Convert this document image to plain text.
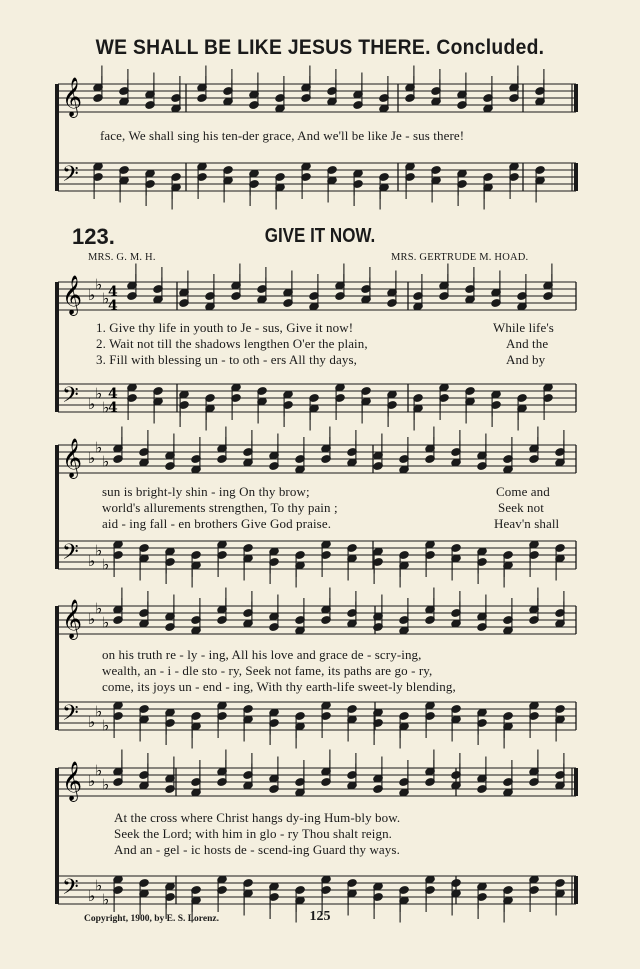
𝄞
𝄢
𝄞
𝄢
♭
♭
♭
♭
♭
♭
4
4
4
4
𝄞
𝄢
♭
♭
♭
♭
♭
♭
𝄞
𝄢
♭
♭
♭
♭
♭
♭
𝄞
𝄢
♭
♭
♭
♭
♭
♭
WE SHALL BE LIKE JESUS THERE. Concluded.
face, We shall sing his ten-der grace, And we'll be like Je - sus there!
123.	GIVE IT NOW.
MRS. G. M. H.	MRS. GERTRUDE M. HOAD.
1. Give thy life in youth to Je - sus, Give it now!	While life's
2. Wait not till the shadows lengthen O'er the plain,	And the
3. Fill with blessing un - to oth - ers All thy days,	And by
sun is bright-ly shin - ing On thy brow;	Come and
world's allurements strengthen, To thy pain ;	Seek not
aid - ing fall - en brothers Give God praise.	Heav'n shall
on his truth re - ly - ing, All his love and grace de - scry-ing,
wealth, an - i - dle sto - ry, Seek not fame, its paths are go - ry,
come, its joys un - end - ing, With thy earth-life sweet-ly blending,
At the cross where Christ hangs dy-ing Hum-bly bow.
Seek the Lord; with him in glo - ry Thou shalt reign.
And an - gel - ic hosts de - scend-ing Guard thy ways.
Copyright, 1900, by E. S. Lorenz.	125
